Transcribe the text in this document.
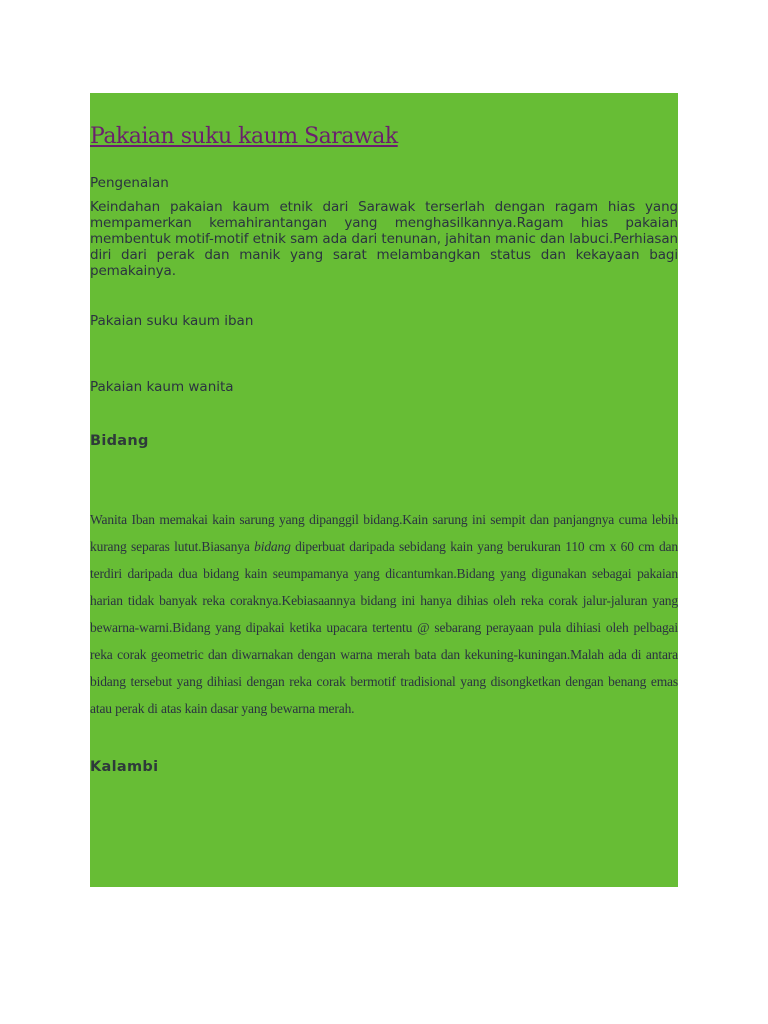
Pakaian suku kaum Sarawak

Pengenalan

Keindahan pakaian kaum etnik dari Sarawak terserlah dengan ragam hias yang mempamerkan kemahirantangan yang menghasilkannya.Ragam hias pakaian membentuk motif-motif etnik sam ada dari tenunan, jahitan manic dan labuci.Perhiasan diri dari perak dan manik yang sarat melambangkan status dan kekayaan bagi pemakainya.

Pakaian suku kaum iban

Pakaian kaum wanita

Bidang

Wanita Iban memakai kain sarung yang dipanggil bidang.Kain sarung ini sempit dan panjangnya cuma lebih kurang separas lutut.Biasanya bidang diperbuat daripada sebidang kain yang berukuran 110 cm x 60 cm dan terdiri daripada dua bidang kain seumpamanya yang dicantumkan.Bidang yang digunakan sebagai pakaian harian tidak banyak reka coraknya.Kebiasaannya bidang ini hanya dihias oleh reka corak jalur-jaluran yang bewarna-warni.Bidang yang dipakai ketika upacara tertentu @ sebarang perayaan pula dihiasi oleh pelbagai reka corak geometric dan diwarnakan dengan warna merah bata dan kekuning-kuningan.Malah ada di antara bidang tersebut yang dihiasi dengan reka corak bermotif tradisional yang disongketkan dengan benang emas atau perak di atas kain dasar yang bewarna merah.

Kalambi
